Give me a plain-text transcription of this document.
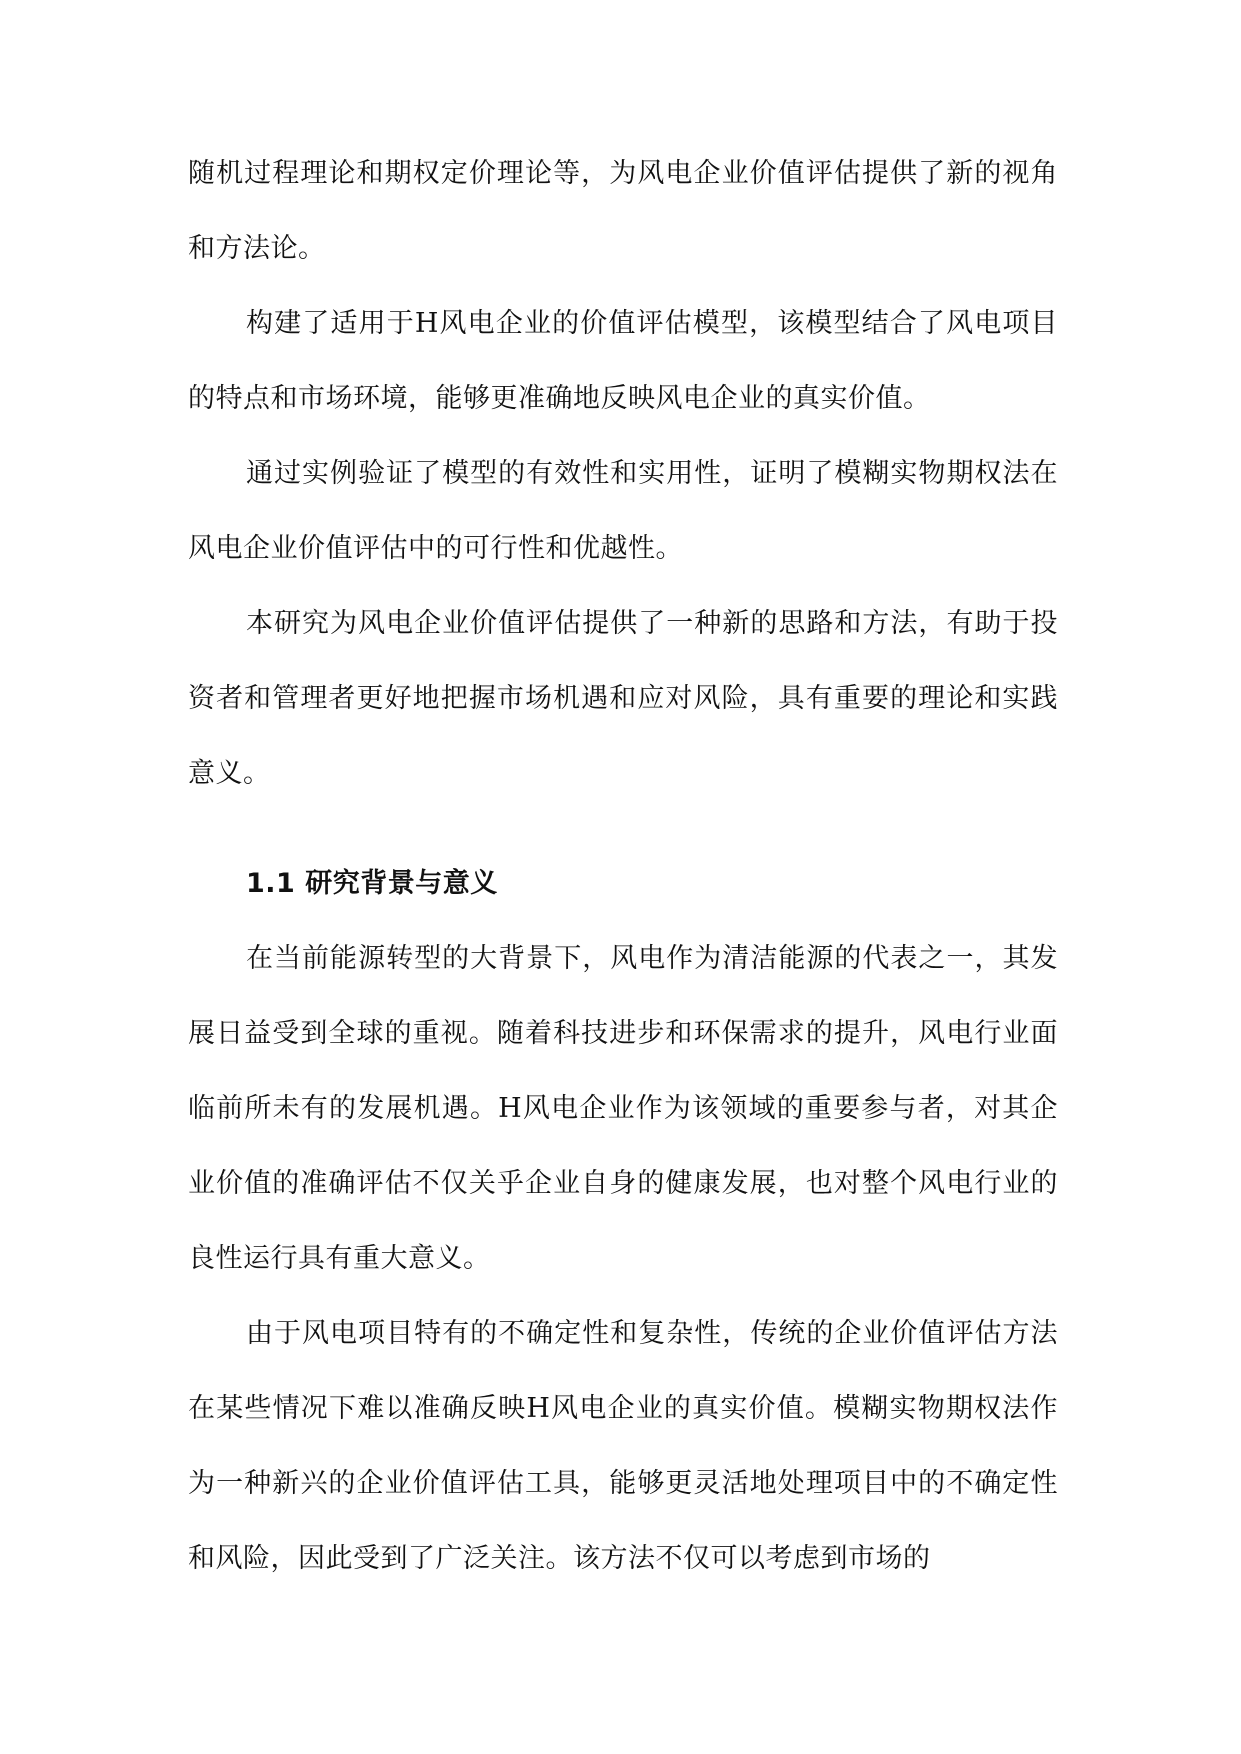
随机过程理论和期权定价理论等，为风电企业价值评估提供了新的视角和方法论。

构建了适用于H风电企业的价值评估模型，该模型结合了风电项目的特点和市场环境，能够更准确地反映风电企业的真实价值。

通过实例验证了模型的有效性和实用性，证明了模糊实物期权法在风电企业价值评估中的可行性和优越性。

本研究为风电企业价值评估提供了一种新的思路和方法，有助于投资者和管理者更好地把握市场机遇和应对风险，具有重要的理论和实践意义。

1.1 研究背景与意义

在当前能源转型的大背景下，风电作为清洁能源的代表之一，其发展日益受到全球的重视。随着科技进步和环保需求的提升，风电行业面临前所未有的发展机遇。H风电企业作为该领域的重要参与者，对其企业价值的准确评估不仅关乎企业自身的健康发展，也对整个风电行业的良性运行具有重大意义。

由于风电项目特有的不确定性和复杂性，传统的企业价值评估方法在某些情况下难以准确反映H风电企业的真实价值。模糊实物期权法作为一种新兴的企业价值评估工具，能够更灵活地处理项目中的不确定性和风险，因此受到了广泛关注。该方法不仅可以考虑到市场的
